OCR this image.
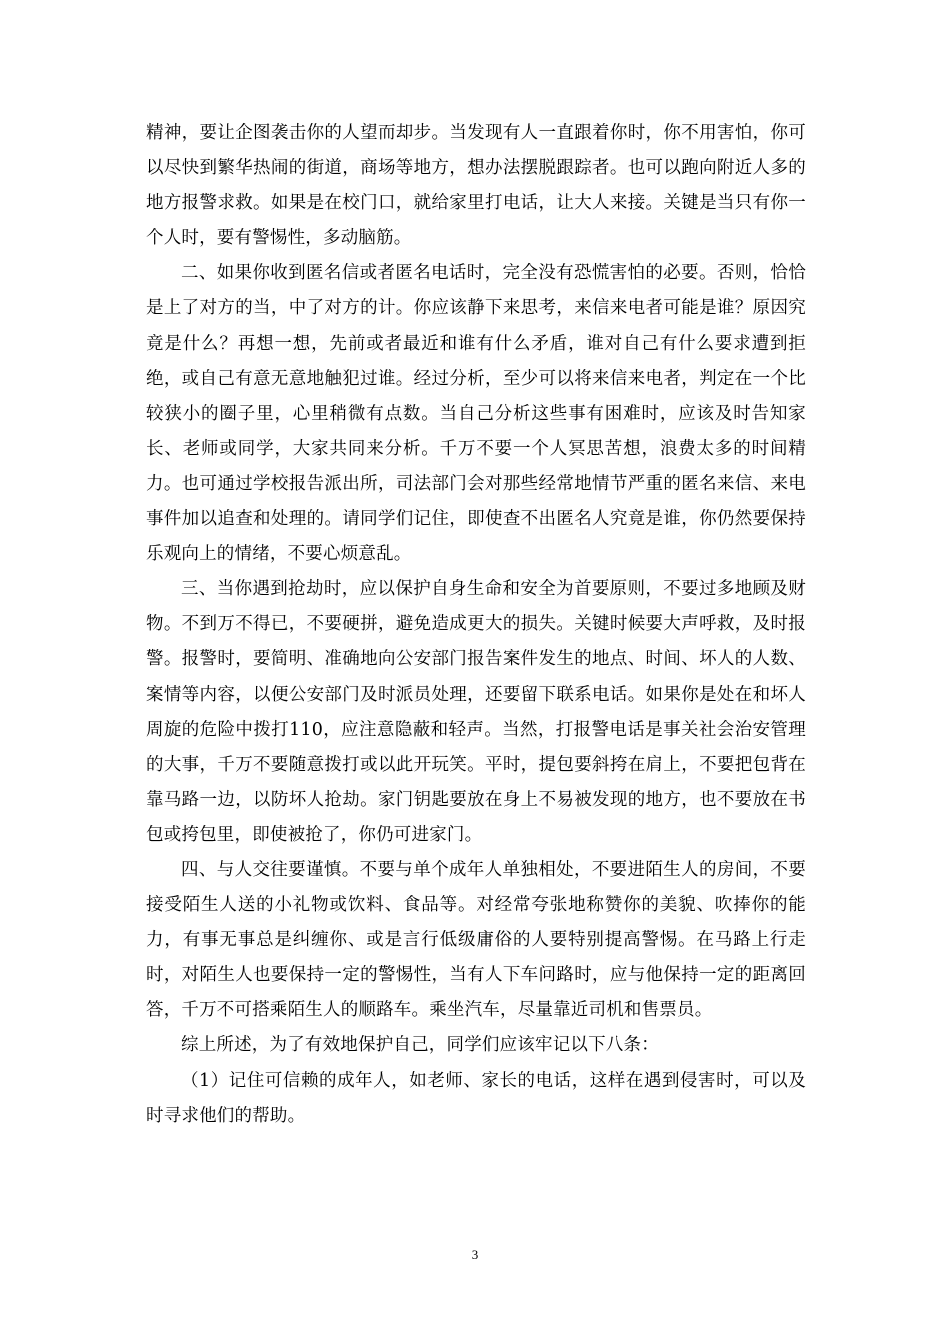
精神，要让企图袭击你的人望而却步。当发现有人一直跟着你时，你不用害怕，你可以尽快到繁华热闹的街道，商场等地方，想办法摆脱跟踪者。也可以跑向附近人多的地方报警求救。如果是在校门口，就给家里打电话，让大人来接。关键是当只有你一个人时，要有警惕性，多动脑筋。

二、如果你收到匿名信或者匿名电话时，完全没有恐慌害怕的必要。否则，恰恰是上了对方的当，中了对方的计。你应该静下来思考，来信来电者可能是谁？原因究竟是什么？再想一想，先前或者最近和谁有什么矛盾，谁对自己有什么要求遭到拒绝，或自己有意无意地触犯过谁。经过分析，至少可以将来信来电者，判定在一个比较狭小的圈子里，心里稍微有点数。当自己分析这些事有困难时，应该及时告知家长、老师或同学，大家共同来分析。千万不要一个人冥思苦想，浪费太多的时间精力。也可通过学校报告派出所，司法部门会对那些经常地情节严重的匿名来信、来电事件加以追查和处理的。请同学们记住，即使查不出匿名人究竟是谁，你仍然要保持乐观向上的情绪，不要心烦意乱。

三、当你遇到抢劫时，应以保护自身生命和安全为首要原则，不要过多地顾及财物。不到万不得已，不要硬拼，避免造成更大的损失。关键时候要大声呼救，及时报警。报警时，要简明、准确地向公安部门报告案件发生的地点、时间、坏人的人数、案情等内容，以便公安部门及时派员处理，还要留下联系电话。如果你是处在和坏人周旋的危险中拨打110，应注意隐蔽和轻声。当然，打报警电话是事关社会治安管理的大事，千万不要随意拨打或以此开玩笑。平时，提包要斜挎在肩上，不要把包背在靠马路一边，以防坏人抢劫。家门钥匙要放在身上不易被发现的地方，也不要放在书包或挎包里，即使被抢了，你仍可进家门。

四、与人交往要谨慎。不要与单个成年人单独相处，不要进陌生人的房间，不要接受陌生人送的小礼物或饮料、食品等。对经常夸张地称赞你的美貌、吹捧你的能力，有事无事总是纠缠你、或是言行低级庸俗的人要特别提高警惕。在马路上行走时，对陌生人也要保持一定的警惕性，当有人下车问路时，应与他保持一定的距离回答，千万不可搭乘陌生人的顺路车。乘坐汽车，尽量靠近司机和售票员。

综上所述，为了有效地保护自己，同学们应该牢记以下八条：

（1）记住可信赖的成年人，如老师、家长的电话，这样在遇到侵害时，可以及时寻求他们的帮助。

3
